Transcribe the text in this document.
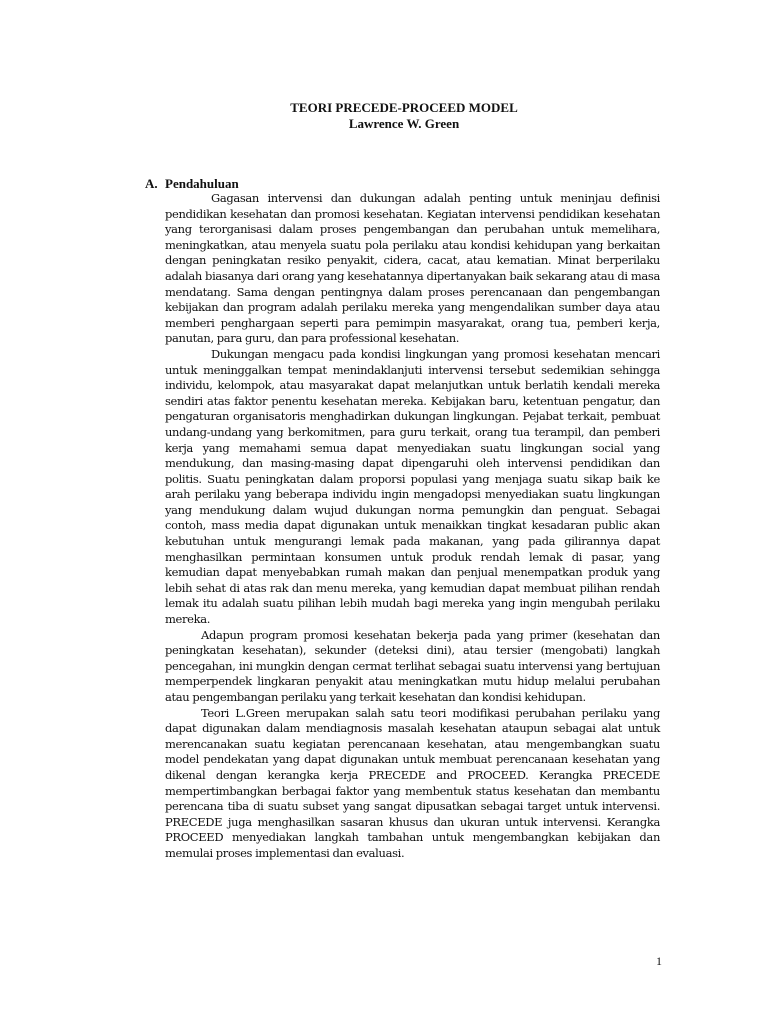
TEORI PRECEDE-PROCEED MODEL

Lawrence W. Green

A. Pendahuluan

Gagasan intervensi dan dukungan adalah penting untuk meninjau definisi pendidikan kesehatan dan promosi kesehatan. Kegiatan intervensi pendidikan kesehatan yang terorganisasi dalam proses pengembangan dan perubahan untuk memelihara, meningkatkan, atau menyela suatu pola perilaku atau kondisi kehidupan yang berkaitan dengan peningkatan resiko penyakit, cidera, cacat, atau kematian. Minat berperilaku adalah biasanya dari orang yang kesehatannya dipertanyakan baik sekarang atau di masa mendatang. Sama dengan pentingnya dalam proses perencanaan dan pengembangan kebijakan dan program adalah perilaku mereka yang mengendalikan sumber daya atau memberi penghargaan seperti para pemimpin masyarakat, orang tua, pemberi kerja, panutan, para guru, dan para professional kesehatan.

Dukungan mengacu pada kondisi lingkungan yang promosi kesehatan mencari untuk meninggalkan tempat menindaklanjuti intervensi tersebut sedemikian sehingga individu, kelompok, atau masyarakat dapat melanjutkan untuk berlatih kendali mereka sendiri atas faktor penentu kesehatan mereka. Kebijakan baru, ketentuan pengatur, dan pengaturan organisatoris menghadirkan dukungan lingkungan. Pejabat terkait, pembuat undang-undang yang berkomitmen, para guru terkait, orang tua terampil, dan pemberi kerja yang memahami semua dapat menyediakan suatu lingkungan social yang mendukung, dan masing-masing dapat dipengaruhi oleh intervensi pendidikan dan politis. Suatu peningkatan dalam proporsi populasi yang menjaga suatu sikap baik ke arah perilaku yang beberapa individu ingin mengadopsi menyediakan suatu lingkungan yang mendukung dalam wujud dukungan norma pemungkin dan penguat. Sebagai contoh, mass media dapat digunakan untuk menaikkan tingkat kesadaran public akan kebutuhan untuk mengurangi lemak pada makanan, yang pada gilirannya dapat menghasilkan permintaan konsumen untuk produk rendah lemak di pasar, yang kemudian dapat menyebabkan rumah makan dan penjual menempatkan produk yang lebih sehat di atas rak dan menu mereka, yang kemudian dapat membuat pilihan rendah lemak itu adalah suatu pilihan lebih mudah bagi mereka yang ingin mengubah perilaku mereka.

Adapun program promosi kesehatan bekerja pada yang primer (kesehatan dan peningkatan kesehatan), sekunder (deteksi dini), atau tersier (mengobati) langkah pencegahan, ini mungkin dengan cermat terlihat sebagai suatu intervensi yang bertujuan memperpendek lingkaran penyakit atau meningkatkan mutu hidup melalui perubahan atau pengembangan perilaku yang terkait kesehatan dan kondisi kehidupan.

Teori L.Green merupakan salah satu teori modifikasi perubahan perilaku yang dapat digunakan dalam mendiagnosis masalah kesehatan ataupun sebagai alat untuk merencanakan suatu kegiatan perencanaan kesehatan, atau mengembangkan suatu model pendekatan yang dapat digunakan untuk membuat perencanaan kesehatan yang dikenal dengan kerangka kerja PRECEDE and PROCEED. Kerangka PRECEDE mempertimbangkan berbagai faktor yang membentuk status kesehatan dan membantu perencana tiba di suatu subset yang sangat dipusatkan sebagai target untuk intervensi. PRECEDE juga menghasilkan sasaran khusus dan ukuran untuk intervensi. Kerangka PROCEED menyediakan langkah tambahan untuk mengembangkan kebijakan dan memulai proses implementasi dan evaluasi.

1
